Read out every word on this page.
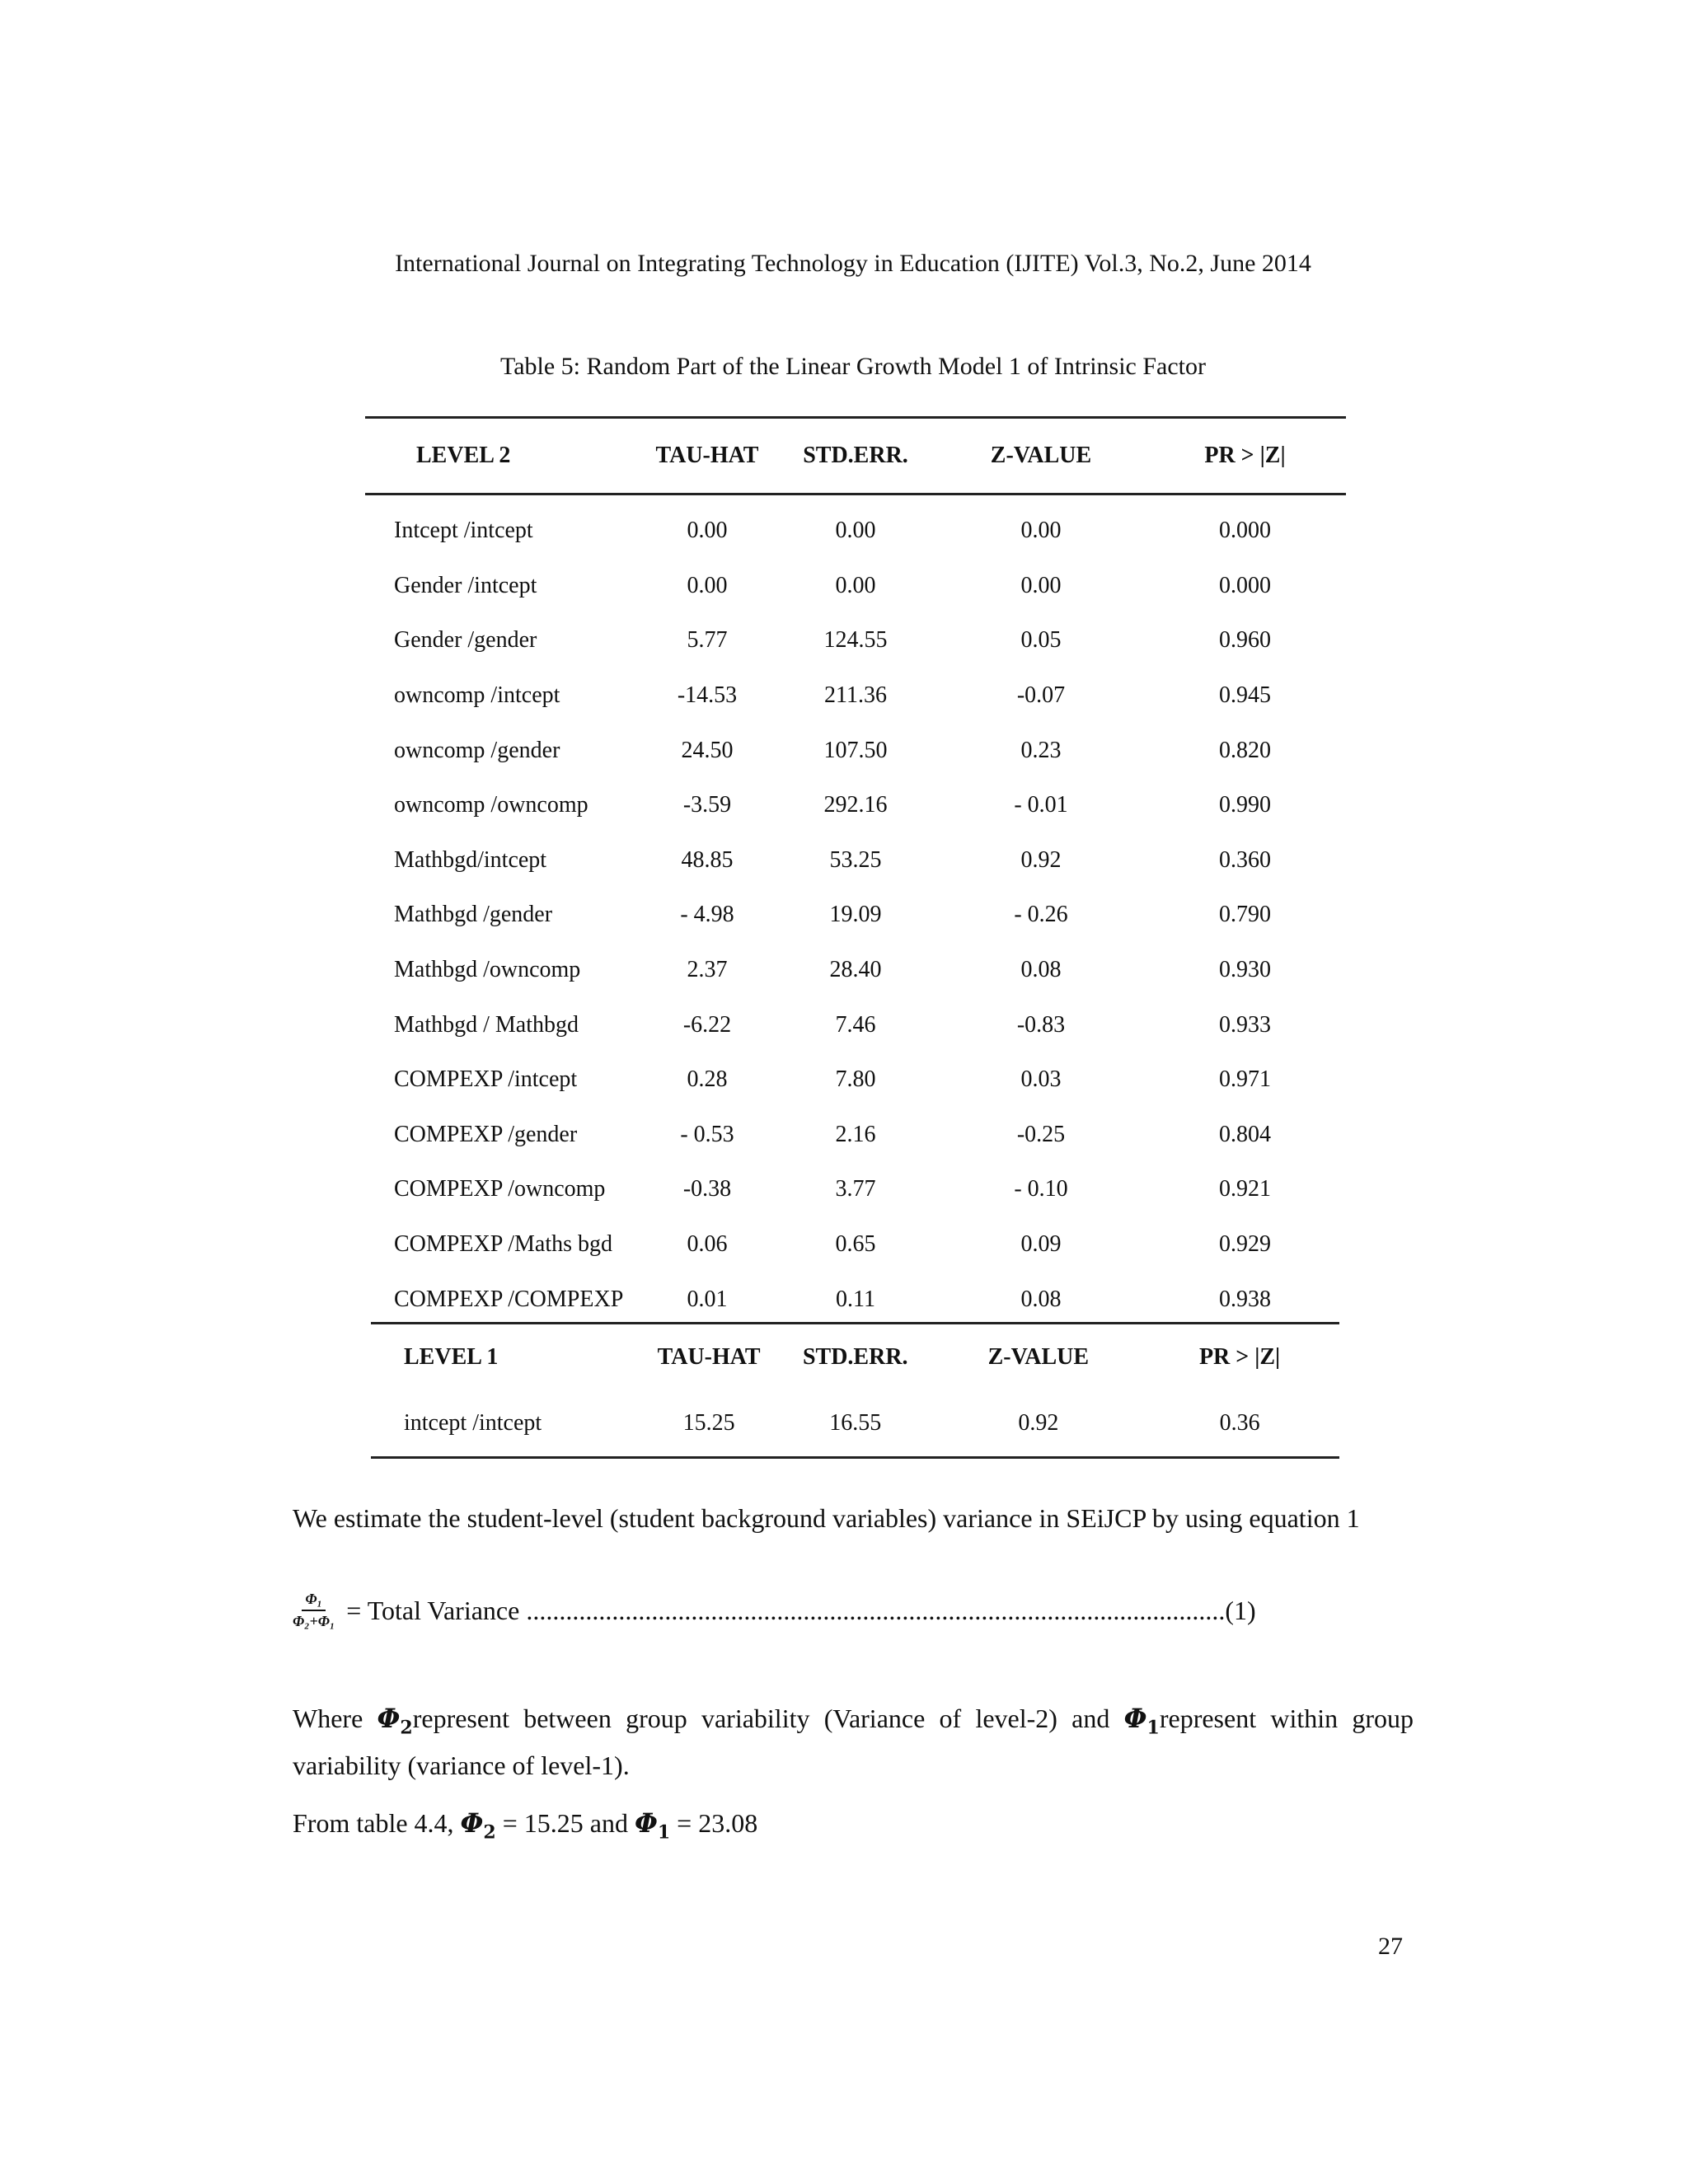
International Journal on Integrating Technology in Education (IJITE) Vol.3, No.2, June 2014
Table 5: Random Part of the Linear Growth Model 1 of Intrinsic Factor
LEVEL 2	TAU-HAT	STD.ERR.	Z-VALUE	PR > |Z|
Intcept /intcept	0.00	0.00	0.00	0.000
Gender /intcept	0.00	0.00	0.00	0.000
Gender /gender	5.77	124.55	0.05	0.960
owncomp /intcept	-14.53	211.36	-0.07	0.945
owncomp /gender	24.50	107.50	0.23	0.820
owncomp /owncomp	-3.59	292.16	- 0.01	0.990
Mathbgd/intcept	48.85	53.25	0.92	0.360
Mathbgd /gender	- 4.98	19.09	- 0.26	0.790
Mathbgd /owncomp	2.37	28.40	0.08	0.930
Mathbgd / Mathbgd	-6.22	7.46	-0.83	0.933
COMPEXP /intcept	0.28	7.80	0.03	0.971
COMPEXP /gender	- 0.53	2.16	-0.25	0.804
COMPEXP /owncomp	-0.38	3.77	- 0.10	0.921
COMPEXP /Maths bgd	0.06	0.65	0.09	0.929
COMPEXP /COMPEXP	0.01	0.11	0.08	0.938
LEVEL 1	TAU-HAT	STD.ERR.	Z-VALUE	PR > |Z|
intcept /intcept	15.25	16.55	0.92	0.36
We estimate the student-level (student background variables) variance in SEiJCP by using equation 1
$\frac{\text{Φ₁}}{\text{Φ₂+Φ₁}}$ = Total Variance ..........................................................................................................(1)
Where $\Phi_2represent$ between group variability (Variance of level-2) and $\Phi_1represent$ within group variability (variance of level-1).
From table 4.4, $\Phi_2 = 15.25$ and $\Phi_1 = 23.08$
27
